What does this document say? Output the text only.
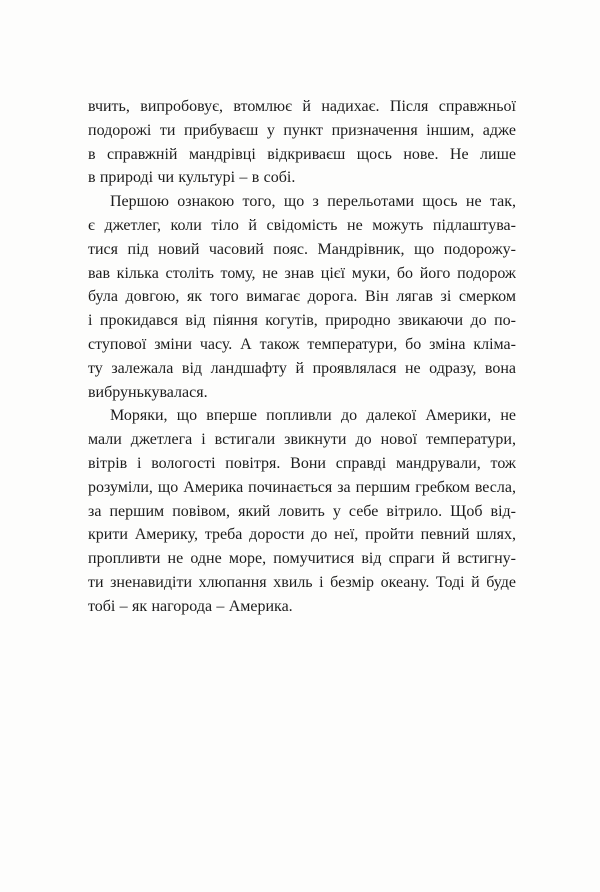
вчить, випробовує, втомлює й надихає. Після справжньої
подорожі ти прибуваєш у пункт призначення іншим, адже
в справжній мандрівці відкриваєш щось нове. Не лише
в природі чи культурі – в собі.
Першою ознакою того, що з перельотами щось не так,
є джетлег, коли тіло й свідомість не можуть підлаштува-
тися під новий часовий пояс. Мандрівник, що подорожу-
вав кілька століть тому, не знав цієї муки, бо його подорож
була довгою, як того вимагає дорога. Він лягав зі смерком
і прокидався від піяння когутів, природно звикаючи до по-
ступової зміни часу. А також температури, бо зміна кліма-
ту залежала від ландшафту й проявлялася не одразу, вона
вибрунькувалася.
Моряки, що вперше попливли до далекої Америки, не
мали джетлега і встигали звикнути до нової температури,
вітрів і вологості повітря. Вони справді мандрували, тож
розуміли, що Америка починається за першим гребком весла,
за першим повівом, який ловить у себе вітрило. Щоб від-
крити Америку, треба дорости до неї, пройти певний шлях,
пропливти не одне море, помучитися від спраги й встигну-
ти зненавидіти хлюпання хвиль і безмір океану. Тоді й буде
тобі – як нагорода – Америка.
